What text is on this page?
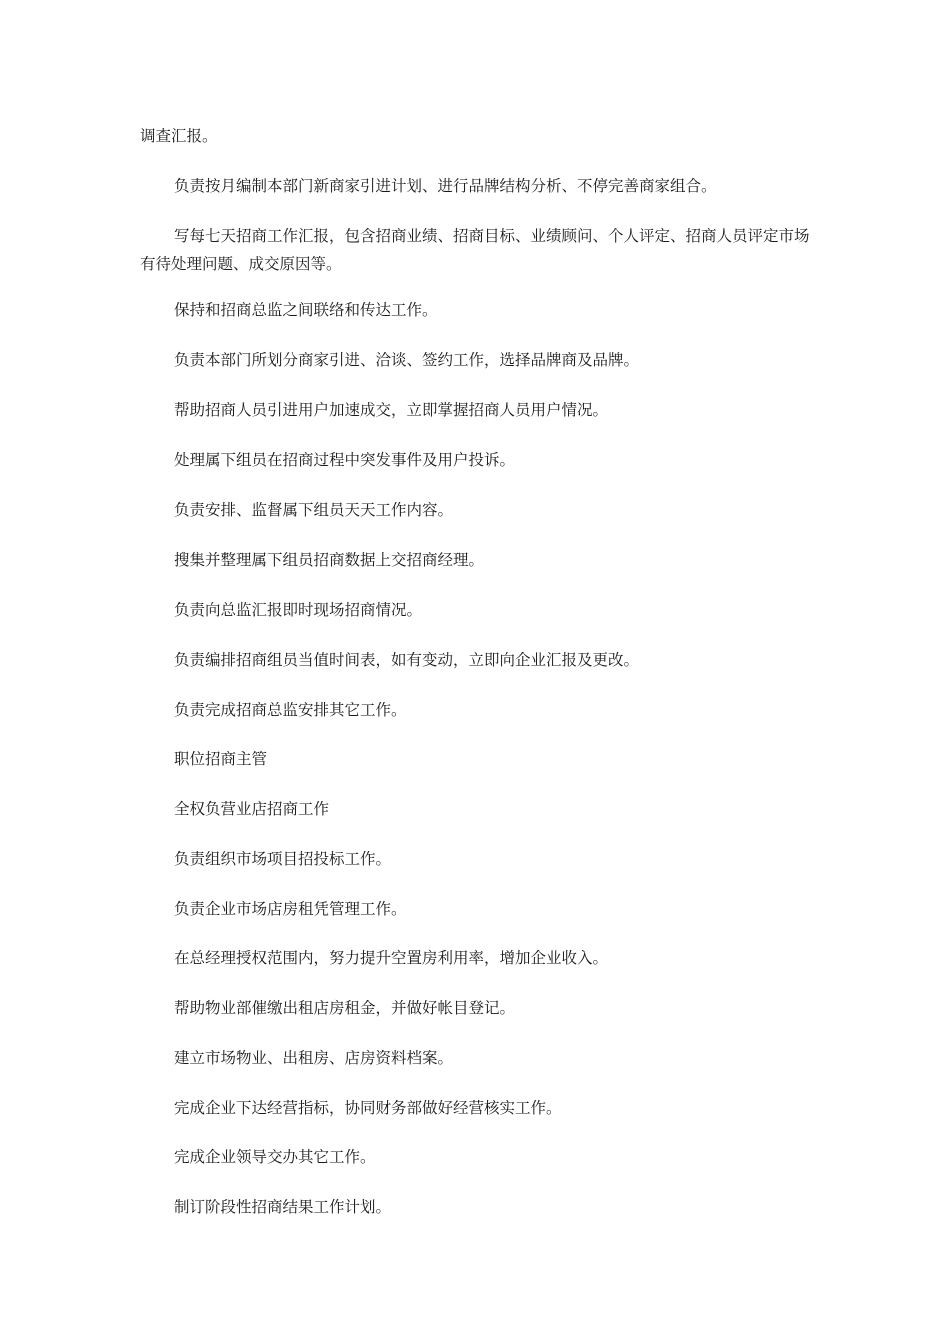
调查汇报。

负责按月编制本部门新商家引进计划、进行品牌结构分析、不停完善商家组合。

写每七天招商工作汇报，包含招商业绩、招商目标、业绩顾问、个人评定、招商人员评定市场有待处理问题、成交原因等。

保持和招商总监之间联络和传达工作。

负责本部门所划分商家引进、洽谈、签约工作，选择品牌商及品牌。

帮助招商人员引进用户加速成交，立即掌握招商人员用户情况。

处理属下组员在招商过程中突发事件及用户投诉。

负责安排、监督属下组员天天工作内容。

搜集并整理属下组员招商数据上交招商经理。

负责向总监汇报即时现场招商情况。

负责编排招商组员当值时间表，如有变动，立即向企业汇报及更改。

负责完成招商总监安排其它工作。

职位招商主管

全权负营业店招商工作

负责组织市场项目招投标工作。

负责企业市场店房租凭管理工作。

在总经理授权范围内，努力提升空置房利用率，增加企业收入。

帮助物业部催缴出租店房租金，并做好帐目登记。

建立市场物业、出租房、店房资料档案。

完成企业下达经营指标，协同财务部做好经营核实工作。

完成企业领导交办其它工作。

制订阶段性招商结果工作计划。
